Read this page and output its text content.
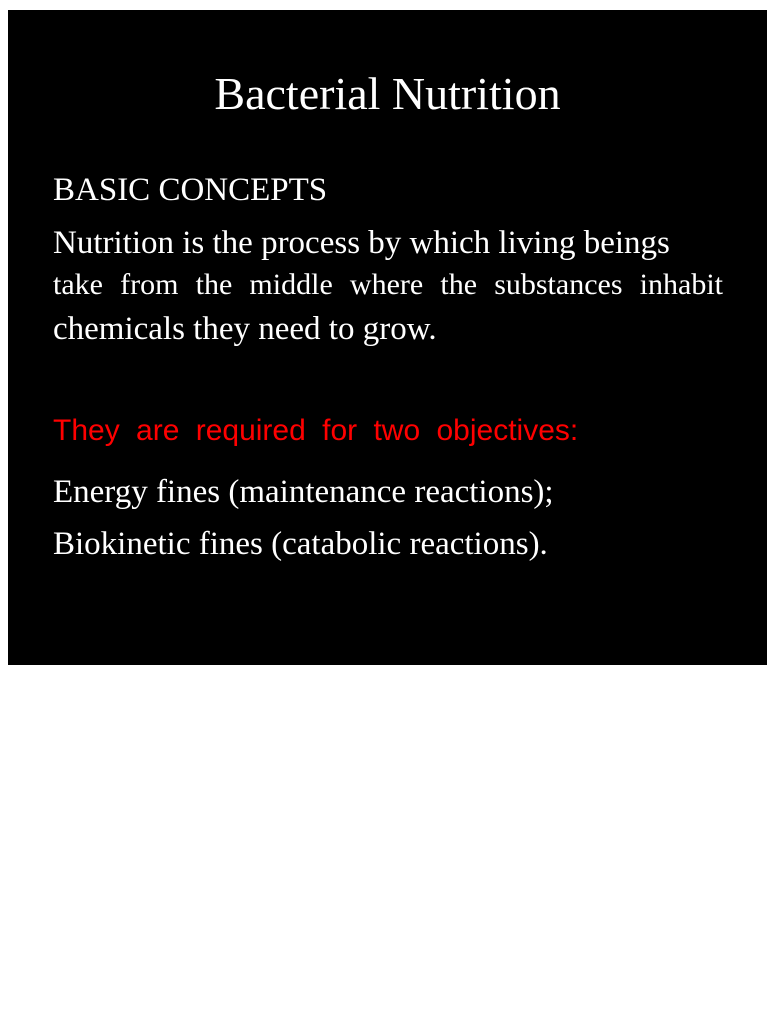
Bacterial Nutrition
BASIC CONCEPTS
Nutrition is the process by which living beings
take from the middle where the substances inhabit
chemicals they need to grow.
They are required for two objectives:
Energy fines (maintenance reactions);
Biokinetic fines (catabolic reactions).
